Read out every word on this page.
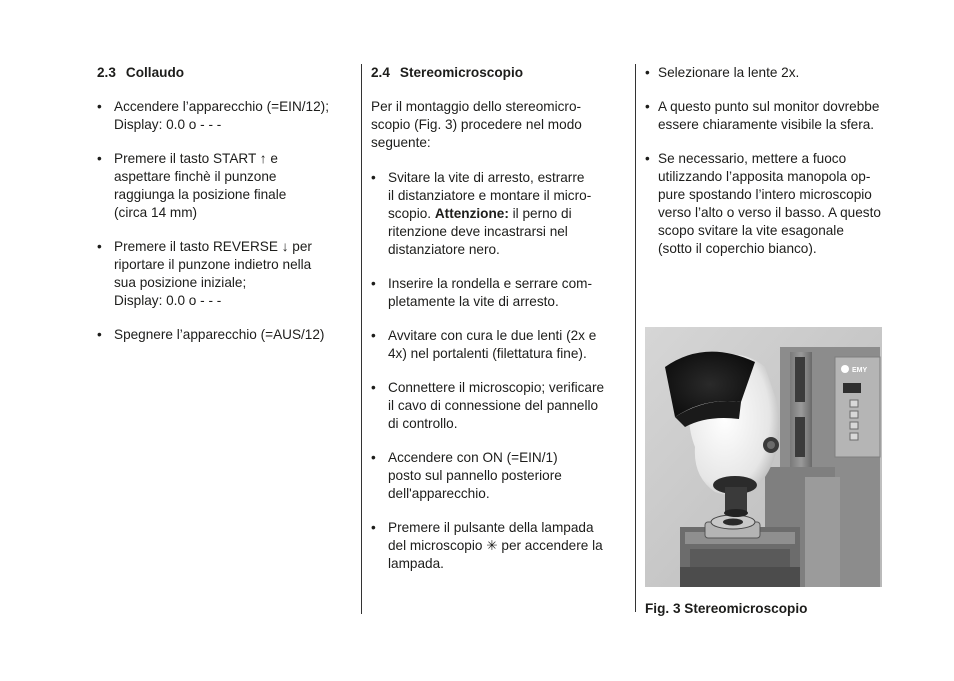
2.3 Collaudo
• Accendere l’apparecchio (=EIN/12);
Display: 0.0 o - - -
• Premere il tasto START ↑ e
aspettare finchè il punzone
raggiunga la posizione finale
(circa 14 mm)
• Premere il tasto REVERSE ↓ per
riportare il punzone indietro nella
sua posizione iniziale;
Display: 0.0 o - - -
• Spegnere l’apparecchio (=AUS/12)
2.4 Stereomicroscopio

Per il montaggio dello stereomicro-
scopio (Fig. 3) procedere nel modo
seguente:

• Svitare la vite di arresto, estrarre
il distanziatore e montare il micro-
scopio. Attenzione: il perno di
ritenzione deve incastrarsi nel
distanziatore nero.
• Inserire la rondella e serrare com-
pletamente la vite di arresto.
• Avvitare con cura le due lenti (2x e
4x) nel portalenti (filettatura fine).
• Connettere il microscopio; verificare
il cavo di connessione del pannello
di controllo.
• Accendere con ON (=EIN/1)
posto sul pannello posteriore
dell'apparecchio.
• Premere il pulsante della lampada
del microscopio ✳ per accendere la
lampada.
• Selezionare la lente 2x.
• A questo punto sul monitor dovrebbe
essere chiaramente visibile la sfera.
• Se necessario, mettere a fuoco
utilizzando l’apposita manopola op-
pure spostando l’intero microscopio
verso l’alto o verso il basso. A questo
scopo svitare la vite esagonale
(sotto il coperchio bianco).
EMY
Fig. 3 Stereomicroscopio
